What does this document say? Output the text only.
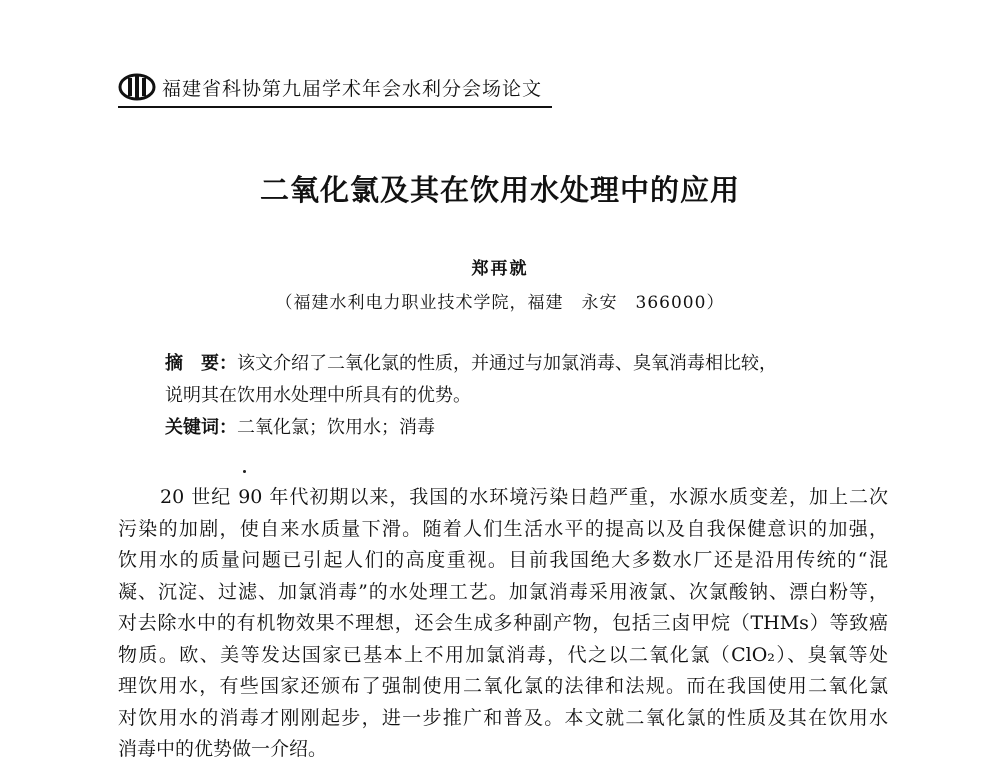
福建省科协第九届学术年会水利分会场论文
二氧化氯及其在饮用水处理中的应用
郑再就
（福建水利电力职业技术学院，福建　永安　366000）
摘　要：该文介绍了二氧化氯的性质，并通过与加氯消毒、臭氧消毒相比较，
说明其在饮用水处理中所具有的优势。
关键词：二氧化氯；饮用水；消毒
20 世纪 90 年代初期以来，我国的水环境污染日趋严重，水源水质变差，加上二次
污染的加剧，使自来水质量下滑。随着人们生活水平的提高以及自我保健意识的加强，
饮用水的质量问题已引起人们的高度重视。目前我国绝大多数水厂还是沿用传统的“混
凝、沉淀、过滤、加氯消毒”的水处理工艺。加氯消毒采用液氯、次氯酸钠、漂白粉等，
对去除水中的有机物效果不理想，还会生成多种副产物，包括三卤甲烷（THMs）等致癌
物质。欧、美等发达国家已基本上不用加氯消毒，代之以二氧化氯（ClO₂）、臭氧等处
理饮用水，有些国家还颁布了强制使用二氧化氯的法律和法规。而在我国使用二氧化氯
对饮用水的消毒才刚刚起步，进一步推广和普及。本文就二氧化氯的性质及其在饮用水
消毒中的优势做一介绍。
